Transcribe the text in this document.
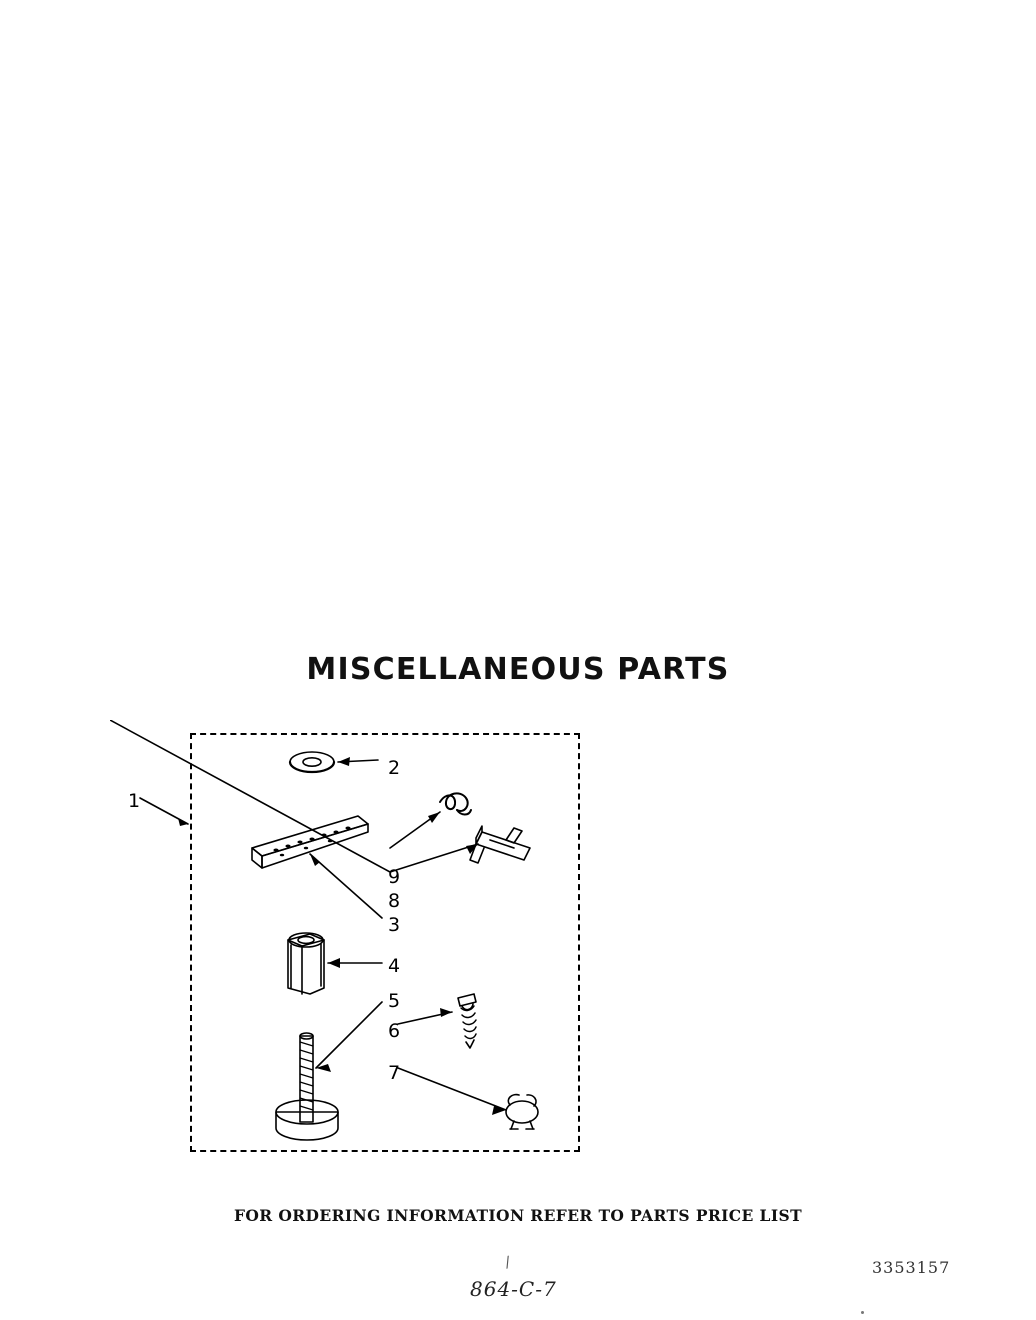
MISCELLANEOUS PARTS
1
2
9
8
3
4
5
6
7
FOR ORDERING INFORMATION REFER TO PARTS PRICE LIST
3353157
/
864-C-7
